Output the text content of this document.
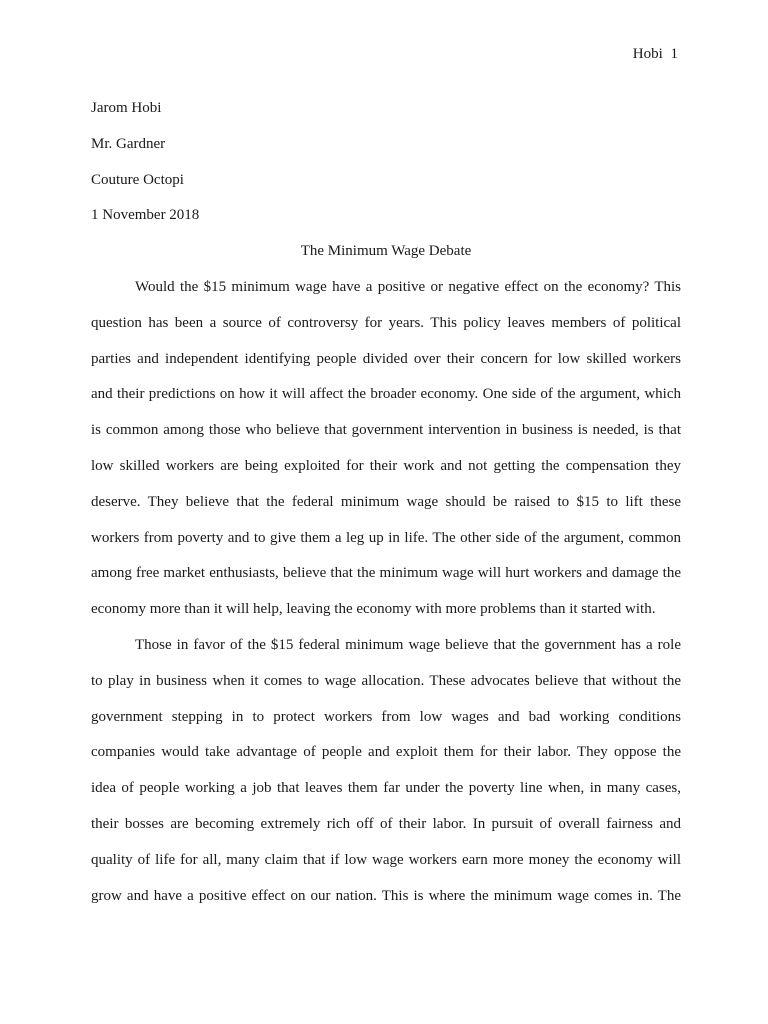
Hobi 1

Jarom Hobi

Mr. Gardner

Couture Octopi

1 November 2018

The Minimum Wage Debate

Would the $15 minimum wage have a positive or negative effect on the economy? This
question has been a source of controversy for years. This policy leaves members of political
parties and independent identifying people divided over their concern for low skilled workers
and their predictions on how it will affect the broader economy. One side of the argument, which
is common among those who believe that government intervention in business is needed, is that
low skilled workers are being exploited for their work and not getting the compensation they
deserve. They believe that the federal minimum wage should be raised to $15 to lift these
workers from poverty and to give them a leg up in life. The other side of the argument, common
among free market enthusiasts, believe that the minimum wage will hurt workers and damage the
economy more than it will help, leaving the economy with more problems than it started with.

Those in favor of the $15 federal minimum wage believe that the government has a role
to play in business when it comes to wage allocation. These advocates believe that without the
government stepping in to protect workers from low wages and bad working conditions
companies would take advantage of people and exploit them for their labor. They oppose the
idea of people working a job that leaves them far under the poverty line when, in many cases,
their bosses are becoming extremely rich off of their labor. In pursuit of overall fairness and
quality of life for all, many claim that if low wage workers earn more money the economy will
grow and have a positive effect on our nation. This is where the minimum wage comes in. The
